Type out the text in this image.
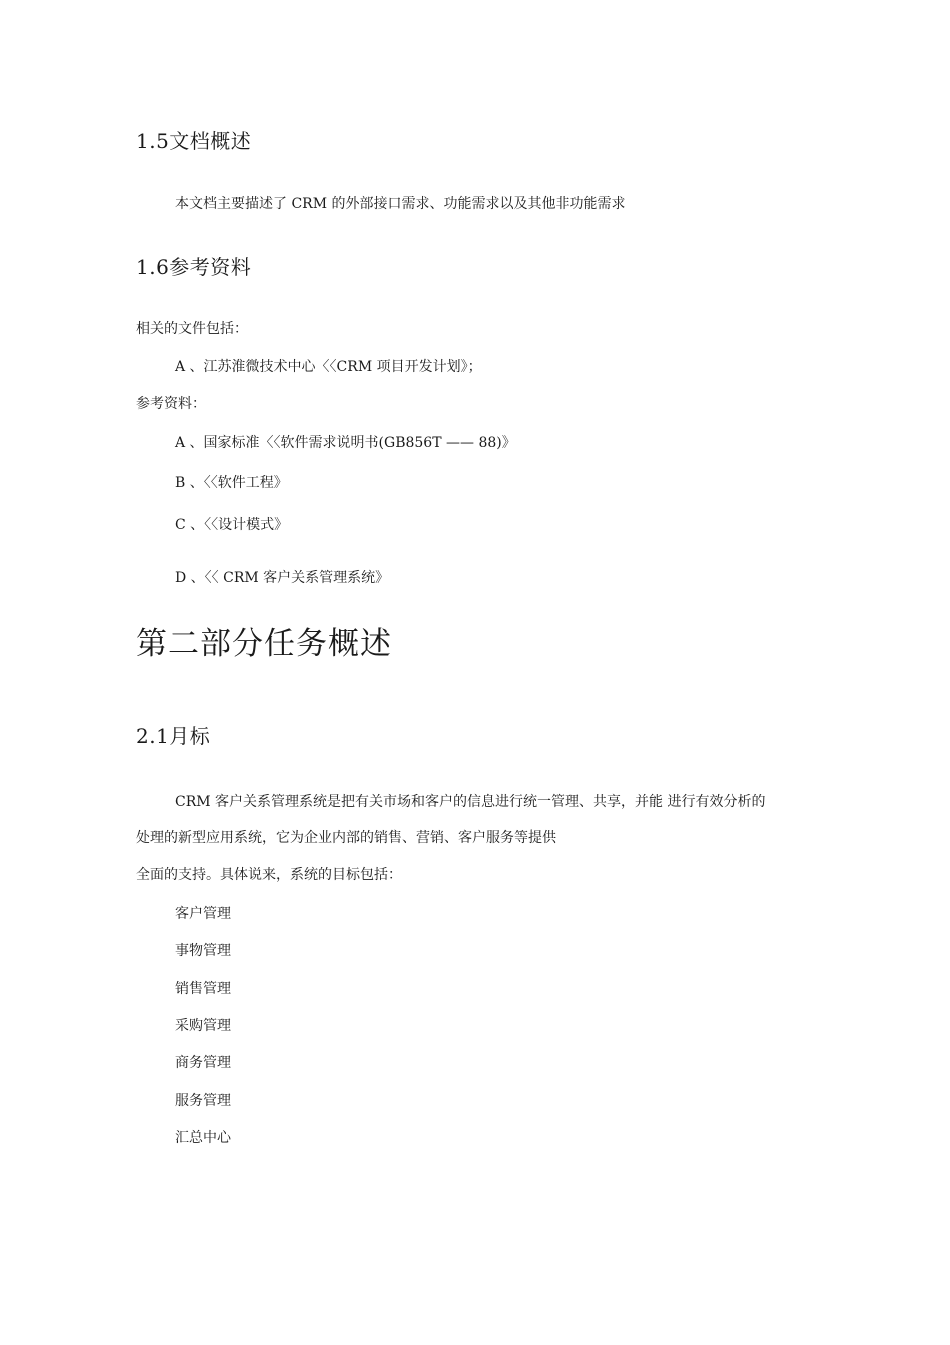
1.5文档概述
本文档主要描述了 CRM 的外部接口需求、功能需求以及其他非功能需求
1.6参考资料
相关的文件包括：
A 、江苏淮微技术中心〈〈CRM 项目开发计划》；
参考资料：
A 、国家标准〈〈软件需求说明书(GB856T —— 88)》
B 、〈〈软件工程》
C 、〈〈设计模式》
D 、〈〈 CRM 客户关系管理系统》
第二部分任务概述
2.1月标
CRM 客户关系管理系统是把有关市场和客户的信息进行统一管理、共享，并能 进行有效分析的
处理的新型应用系统，它为企业内部的销售、营销、客户服务等提供
全面的支持。具体说来，系统的目标包括：
客户管理
事物管理
销售管理
采购管理
商务管理
服务管理
汇总中心
